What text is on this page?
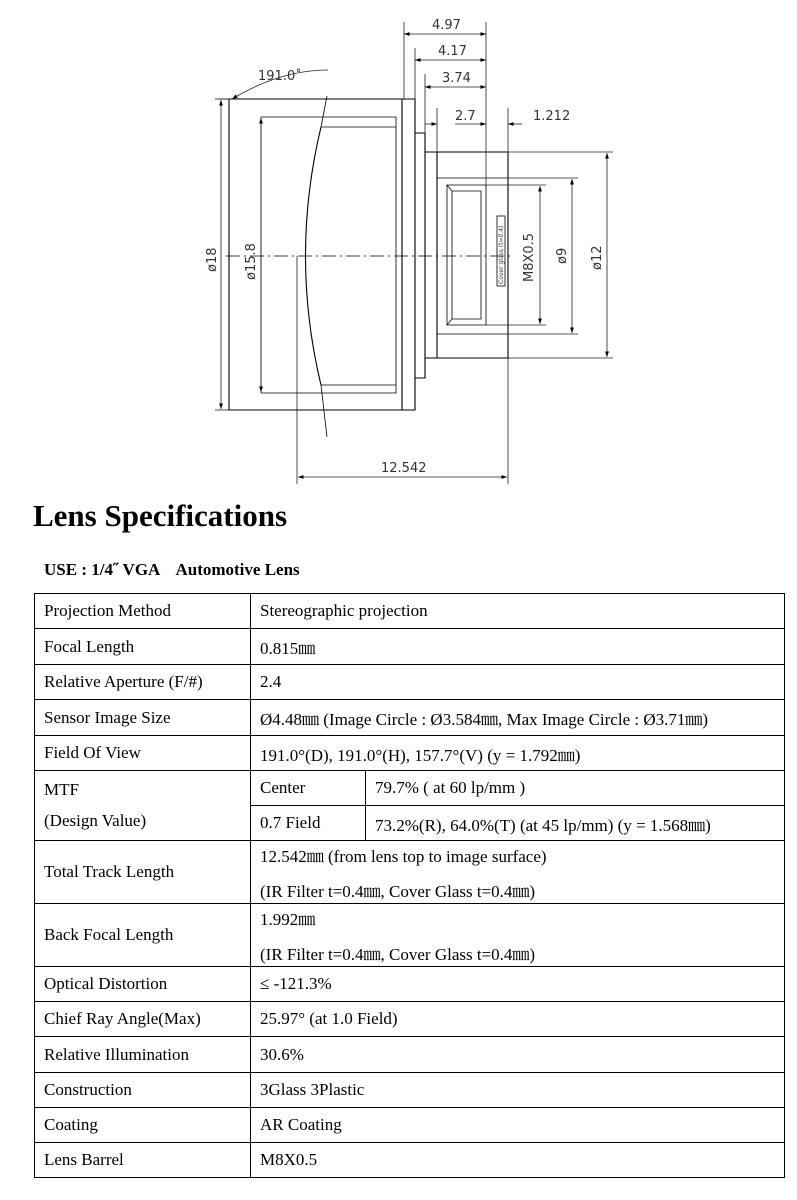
Cover glass (t=0.4)
4.97
4.17
3.74
2.7	1.212
191.0˚
ø18 ø15.8	M8X0.5 ø9 ø12
12.542
Lens Specifications
USE : 1/4˝ VGA    Automotive Lens
Projection Method	Stereographic projection	
Focal Length	0.815㎜	
Relative Aperture (F/#)	2.4	
Sensor Image Size	Ø4.48㎜ (Image Circle : Ø3.584㎜, Max Image Circle : Ø3.71㎜)	
Field Of View	191.0°(D), 191.0°(H), 157.7°(V) (y = 1.792㎜)	

MTF
(Design Value)	Center	79.7% ( at 60 lp/mm )
	0.7 Field	73.2%(R), 64.0%(T) (at 45 lp/mm) (y = 1.568㎜)
Total Track Length	12.542㎜ (from lens top to image surface)
(IR Filter t=0.4㎜, Cover Glass t=0.4㎜)	

Back Focal Length	1.992㎜
(IR Filter t=0.4㎜, Cover Glass t=0.4㎜)	

Optical Distortion	≤ -121.3%	
Chief Ray Angle(Max)	25.97° (at 1.0 Field)	
Relative Illumination	30.6%	
Construction	3Glass 3Plastic	
Coating	AR Coating	
Lens Barrel	M8X0.5	
